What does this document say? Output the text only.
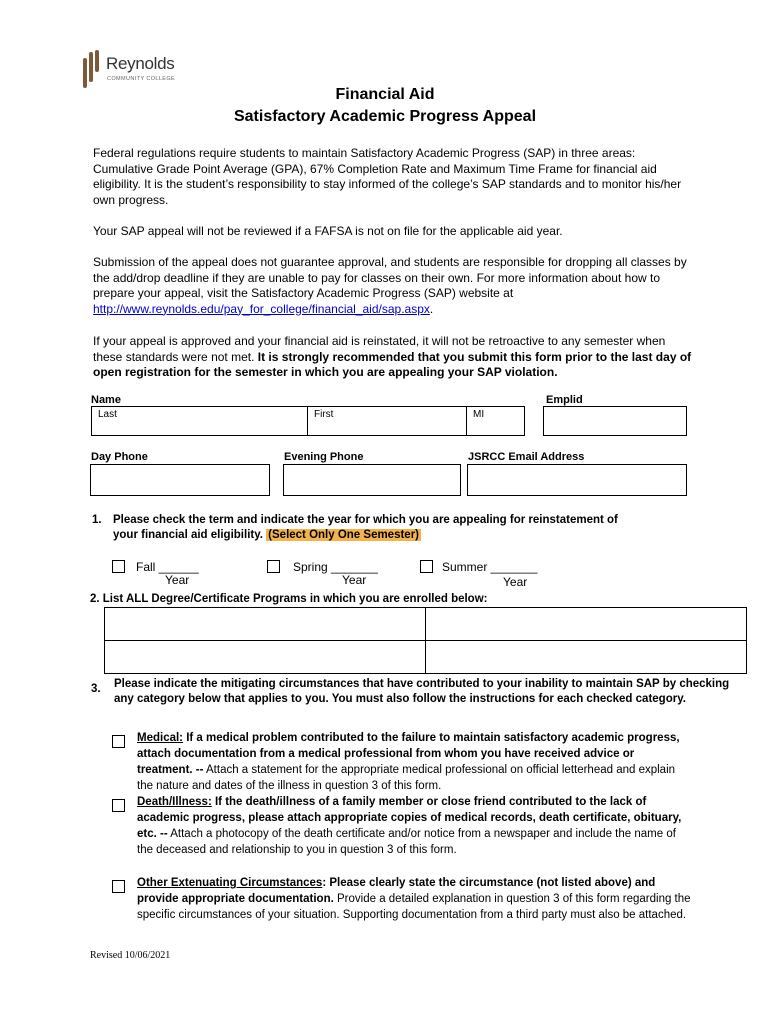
Reynolds
COMMUNITY COLLEGE
Financial Aid
Satisfactory Academic Progress Appeal
Federal regulations require students to maintain Satisfactory Academic Progress (SAP) in three areas: Cumulative Grade Point Average (GPA), 67% Completion Rate and Maximum Time Frame for financial aid eligibility. It is the student’s responsibility to stay informed of the college’s SAP standards and to monitor his/her own progress.
Your SAP appeal will not be reviewed if a FAFSA is not on file for the applicable aid year.
Submission of the appeal does not guarantee approval, and students are responsible for dropping all classes by the add/drop deadline if they are unable to pay for classes on their own. For more information about how to prepare your appeal, visit the Satisfactory Academic Progress (SAP) website at http://www.reynolds.edu/pay_for_college/financial_aid/sap.aspx.
If your appeal is approved and your financial aid is reinstated, it will not be retroactive to any semester when these standards were not met. It is strongly recommended that you submit this form prior to the last day of open registration for the semester in which you are appealing your SAP violation.
Name	Emplid
Last	First	MI
Day Phone	Evening Phone	JSRCC Email Address
1. Please check the term and indicate the year for which you are appealing for reinstatement of
your financial aid eligibility. (Select Only One Semester)
Fall ______
Year
Spring _______
Year
Summer _______
Year
2. List ALL Degree/Certificate Programs in which you are enrolled below:
3. Please indicate the mitigating circumstances that have contributed to your inability to maintain SAP by checking any category below that applies to you. You must also follow the instructions for each checked category.
Medical: If a medical problem contributed to the failure to maintain satisfactory academic progress, attach documentation from a medical professional from whom you have received advice or treatment. -- Attach a statement for the appropriate medical professional on official letterhead and explain the nature and dates of the illness in question 3 of this form.
Death/Illness: If the death/illness of a family member or close friend contributed to the lack of academic progress, please attach appropriate copies of medical records, death certificate, obituary, etc. -- Attach a photocopy of the death certificate and/or notice from a newspaper and include the name of the deceased and relationship to you in question 3 of this form.
Other Extenuating Circumstances: Please clearly state the circumstance (not listed above) and provide appropriate documentation. Provide a detailed explanation in question 3 of this form regarding the specific circumstances of your situation. Supporting documentation from a third party must also be attached.
Revised 10/06/2021
